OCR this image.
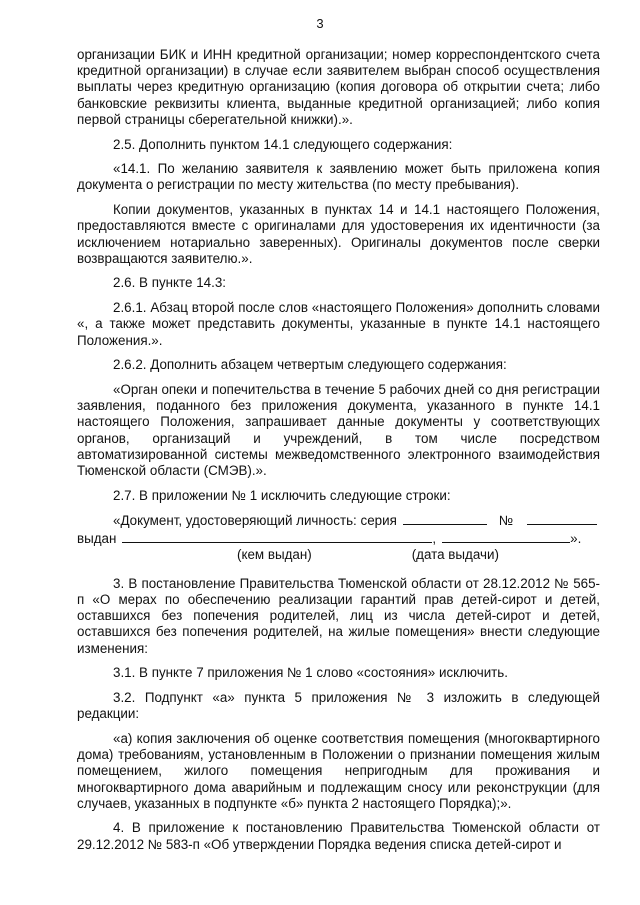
3

организации БИК и ИНН кредитной организации; номер корреспондентского счета кредитной организации) в случае если заявителем выбран способ осуществления выплаты через кредитную организацию (копия договора об открытии счета; либо банковские реквизиты клиента, выданные кредитной организацией; либо копия первой страницы сберегательной книжки).».

2.5. Дополнить пунктом 14.1 следующего содержания:

«14.1. По желанию заявителя к заявлению может быть приложена копия документа о регистрации по месту жительства (по месту пребывания).

Копии документов, указанных в пунктах 14 и 14.1 настоящего Положения, предоставляются вместе с оригиналами для удостоверения их идентичности (за исключением нотариально заверенных). Оригиналы документов после сверки возвращаются заявителю.».

2.6. В пункте 14.3:

2.6.1. Абзац второй после слов «настоящего Положения» дополнить словами «, а также может представить документы, указанные в пункте 14.1 настоящего Положения.».

2.6.2. Дополнить абзацем четвертым следующего содержания:

«Орган опеки и попечительства в течение 5 рабочих дней со дня регистрации заявления, поданного без приложения документа, указанного в пункте 14.1 настоящего Положения, запрашивает данные документы у соответствующих органов, организаций и учреждений, в том числе посредством автоматизированной системы межведомственного электронного взаимодействия Тюменской области (СМЭВ).».

2.7. В приложении № 1 исключить следующие строки:

«Документ, удостоверяющий личность: серия	№
выдан	,	».
(кем выдан)	(дата выдачи)

3. В постановление Правительства Тюменской области от 28.12.2012 № 565-п «О мерах по обеспечению реализации гарантий прав детей-сирот и детей, оставшихся без попечения родителей, лиц из числа детей-сирот и детей, оставшихся без попечения родителей, на жилые помещения» внести следующие изменения:

3.1. В пункте 7 приложения № 1 слово «состояния» исключить.

3.2. Подпункт «а» пункта 5 приложения № 3 изложить в следующей редакции:

«а) копия заключения об оценке соответствия помещения (многоквартирного дома) требованиям, установленным в Положении о признании помещения жилым помещением, жилого помещения непригодным для проживания и многоквартирного дома аварийным и подлежащим сносу или реконструкции (для случаев, указанных в подпункте «б» пункта 2 настоящего Порядка);».

4. В приложение к постановлению Правительства Тюменской области от 29.12.2012 № 583-п «Об утверждении Порядка ведения списка детей-сирот и
